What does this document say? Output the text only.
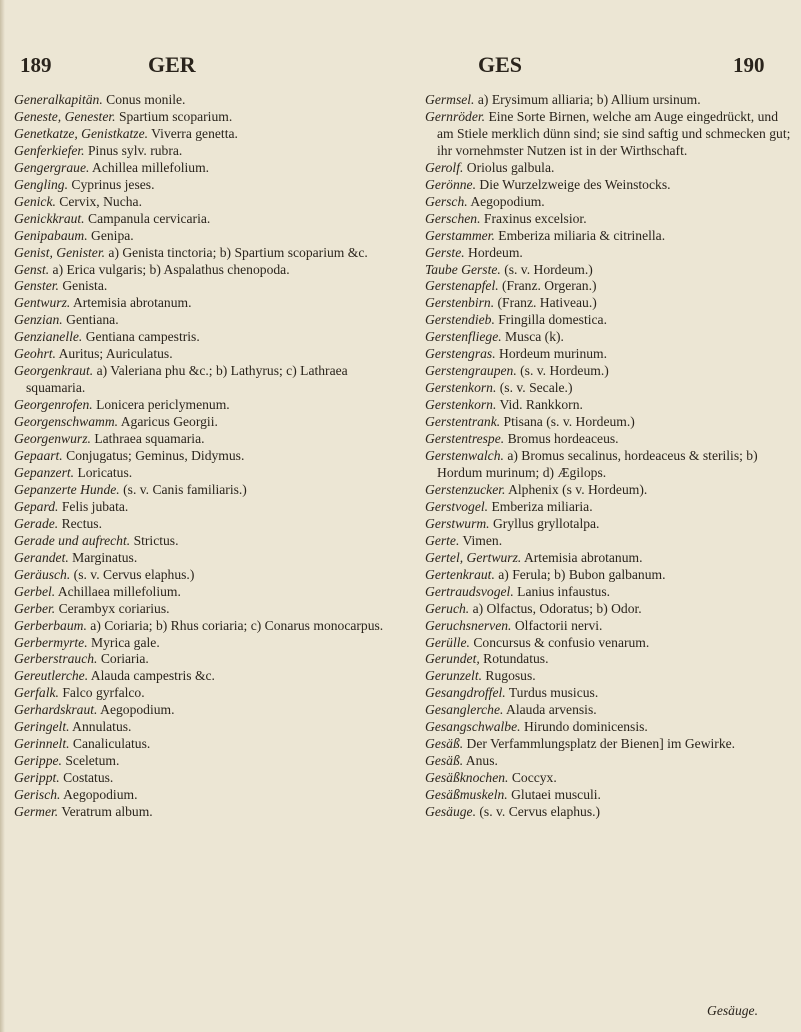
189	GER	GES	190
Generalkapitän. Conus monile.
Geneste, Genester. Spartium scoparium.
Genetkatze, Genistkatze. Viverra genetta.
Genferkiefer. Pinus sylv. rubra.
Gengergraue. Achillea millefolium.
Gengling. Cyprinus jeses.
Genick. Cervix, Nucha.
Genickkraut. Campanula cervicaria.
Genipabaum. Genipa.
Genist, Genister. a) Genista tinctoria; b) Spartium scoparium &c.
Genst. a) Erica vulgaris; b) Aspalathus chenopoda.
Genster. Genista.
Gentwurz. Artemisia abrotanum.
Genzian. Gentiana.
Genzianelle. Gentiana campestris.
Geohrt. Auritus; Auriculatus.
Georgenkraut. a) Valeriana phu &c.; b) Lathyrus; c) Lathraea squamaria.
Georgenrofen. Lonicera periclymenum.
Georgenschwamm. Agaricus Georgii.
Georgenwurz. Lathraea squamaria.
Gepaart. Conjugatus; Geminus, Didymus.
Gepanzert. Loricatus.
Gepanzerte Hunde. (s. v. Canis familiaris.)
Gepard. Felis jubata.
Gerade. Rectus.
Gerade und aufrecht. Strictus.
Gerandet. Marginatus.
Geräusch. (s. v. Cervus elaphus.)
Gerbel. Achillaea millefolium.
Gerber. Cerambyx coriarius.
Gerberbaum. a) Coriaria; b) Rhus coriaria; c) Conarus monocarpus.
Gerbermyrte. Myrica gale.
Gerberstrauch. Coriaria.
Gereutlerche. Alauda campestris &c.
Gerfalk. Falco gyrfalco.
Gerhardskraut. Aegopodium.
Geringelt. Annulatus.
Gerinnelt. Canaliculatus.
Gerippe. Sceletum.
Gerippt. Costatus.
Gerisch. Aegopodium.
Germer. Veratrum album.
Germsel. a) Erysimum alliaria; b) Allium ursinum.
Gernröder. Eine Sorte Birnen, welche am Auge eingedrückt, und am Stiele merklich dünn sind; sie sind saftig und schmecken gut; ihr vornehmster Nutzen ist in der Wirthschaft.
Gerolf. Oriolus galbula.
Gerönne. Die Wurzelzweige des Weinstocks.
Gersch. Aegopodium.
Gerschen. Fraxinus excelsior.
Gerstammer. Emberiza miliaria & citrinella.
Gerste. Hordeum.
Taube Gerste. (s. v. Hordeum.)
Gerstenapfel. (Franz. Orgeran.)
Gerstenbirn. (Franz. Hativeau.)
Gerstendieb. Fringilla domestica.
Gerstenfliege. Musca (k).
Gerstengras. Hordeum murinum.
Gerstengraupen. (s. v. Hordeum.)
Gerstenkorn. (s. v. Secale.)
Gerstenkorn. Vid. Rankkorn.
Gerstentrank. Ptisana (s. v. Hordeum.)
Gerstentrespe. Bromus hordeaceus.
Gerstenwalch. a) Bromus secalinus, hordeaceus & sterilis; b) Hordum murinum; d) Ægilops.
Gerstenzucker. Alphenix (s v. Hordeum).
Gerstvogel. Emberiza miliaria.
Gerstwurm. Gryllus gryllotalpa.
Gerte. Vimen.
Gertel, Gertwurz. Artemisia abrotanum.
Gertenkraut. a) Ferula; b) Bubon galbanum.
Gertraudsvogel. Lanius infaustus.
Geruch. a) Olfactus, Odoratus; b) Odor.
Geruchsnerven. Olfactorii nervi.
Gerülle. Concursus & confusio venarum.
Gerundet, Rotundatus.
Gerunzelt. Rugosus.
Gesangdroffel. Turdus musicus.
Gesanglerche. Alauda arvensis.
Gesangschwalbe. Hirundo dominicensis.
Gesäß. Der Verfammlungsplatz der Bienen] im Gewirke.
Gesäß. Anus.
Gesäßknochen. Coccyx.
Gesäßmuskeln. Glutaei musculi.
Gesäuge. (s. v. Cervus elaphus.)
Gesäuge.
